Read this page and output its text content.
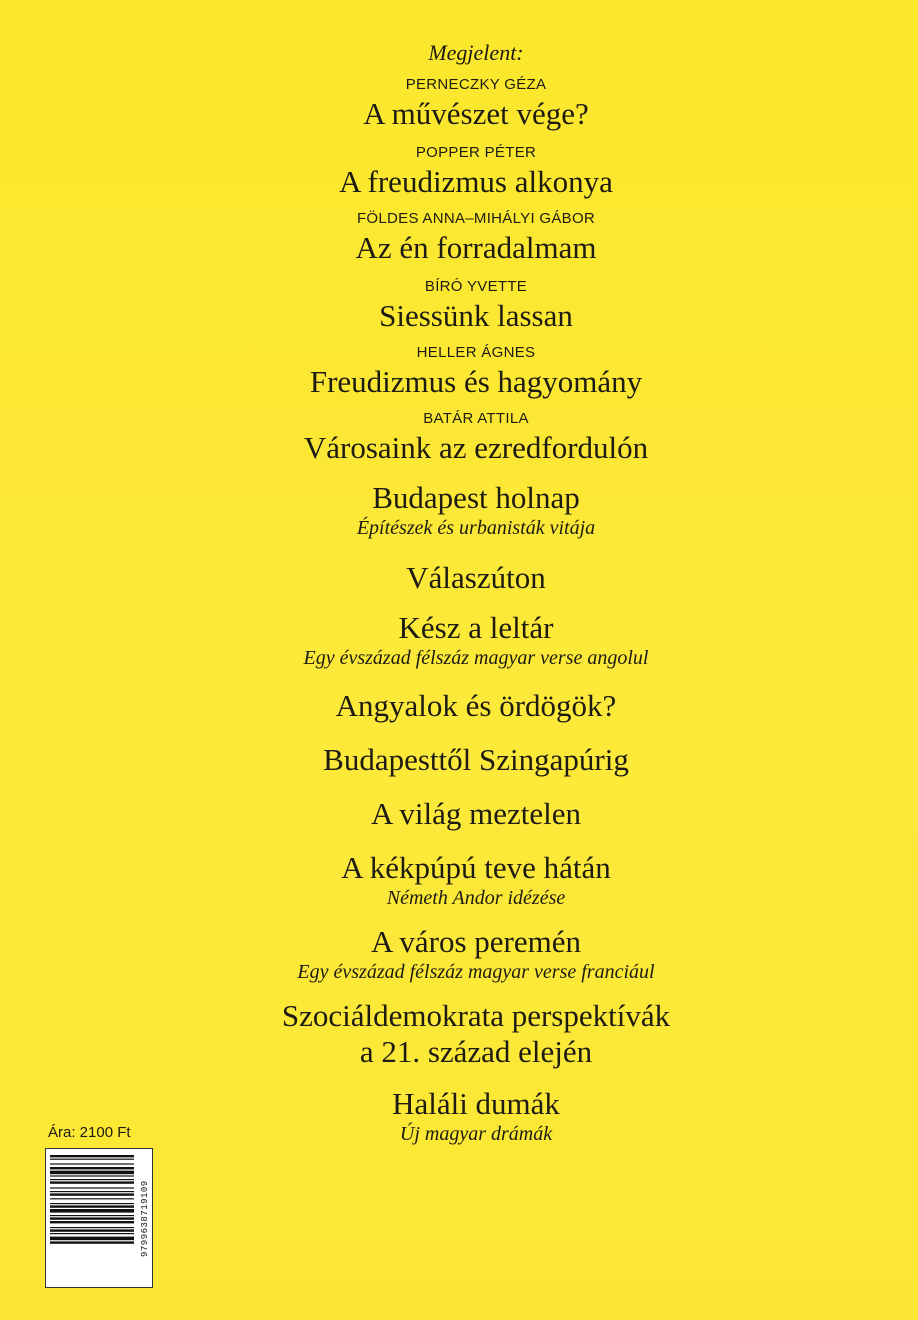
Megjelent:
PERNECZKY GÉZA
A művészet vége?
POPPER PÉTER
A freudizmus alkonya
FÖLDES ANNA–MIHÁLYI GÁBOR
Az én forradalmam
BÍRÓ YVETTE
Siessünk lassan
HELLER ÁGNES
Freudizmus és hagyomány
BATÁR ATTILA
Városaink az ezredfordulón
Budapest holnap
Építészek és urbanisták vitája
Válaszúton
Kész a leltár
Egy évszázad félszáz magyar verse angolul
Angyalok és ördögök?
Budapesttől Szingapúrig
A világ meztelen
A kékpúpú teve hátán
Németh Andor idézése
A város peremén
Egy évszázad félszáz magyar verse franciául
Szociáldemokrata perspektívák
a 21. század elején
Haláli dumák
Új magyar drámák
Ára: 2100 Ft
9799638719109
